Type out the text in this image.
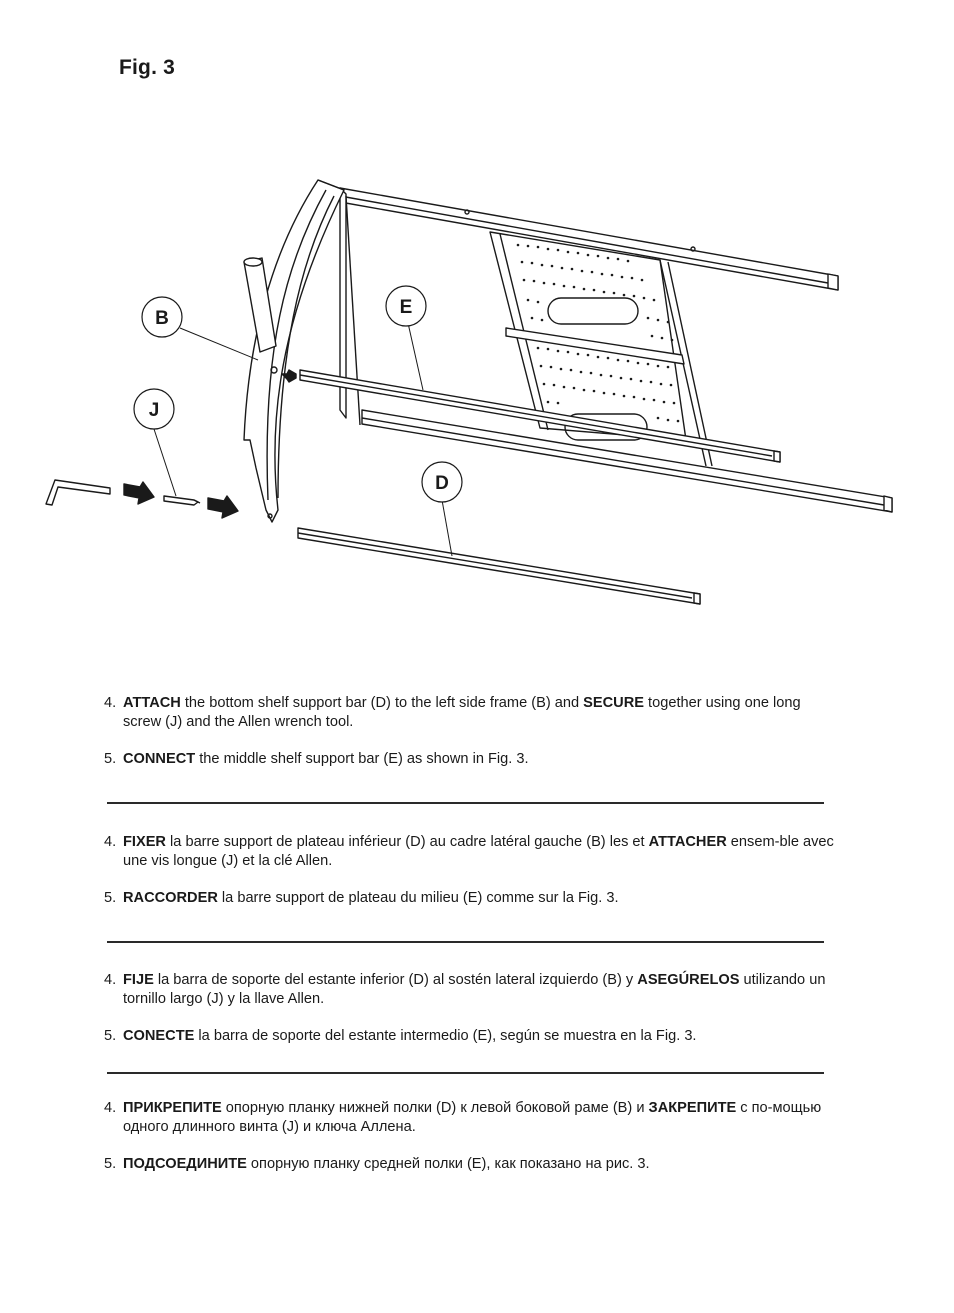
Fig. 3
B
E
J
D

4. ATTACH the bottom shelf support bar (D) to the left side frame (B) and SECURE together using one long screw (J) and the Allen wrench tool.

5. CONNECT the middle shelf support bar (E) as shown in Fig. 3.

4. FIXER la barre support de plateau inférieur (D) au cadre latéral gauche (B) les et ATTACHER ensem-ble avec une vis longue (J) et la clé Allen.

5. RACCORDER la barre support de plateau du milieu (E) comme sur la Fig. 3.

4. FIJE la barra de soporte del estante inferior (D) al sostén lateral izquierdo (B) y ASEGÚRELOS utilizando un tornillo largo (J) y la llave Allen.

5. CONECTE la barra de soporte del estante intermedio (E), según se muestra en la Fig. 3.

4. ПРИКРЕПИТЕ опорную планку нижней полки (D) к левой боковой раме (B) и ЗАКРЕПИТЕ с по-мощью одного длинного винта (J) и ключа Аллена.

5. ПОДСОЕДИНИТЕ опорную планку средней полки (E), как показано на рис. 3.
